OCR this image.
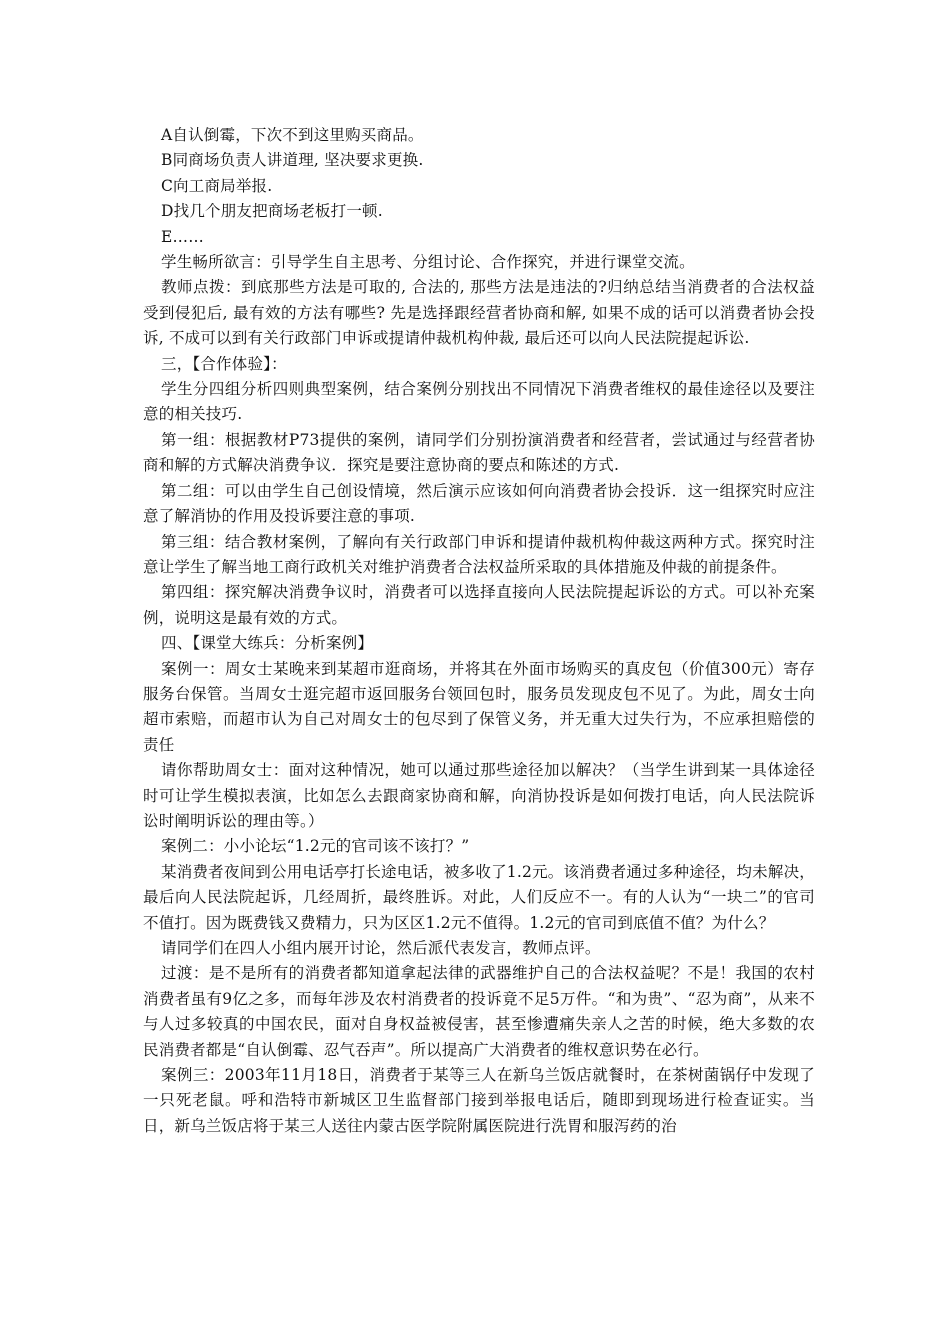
A自认倒霉，下次不到这里购买商品。

B同商场负责人讲道理, 坚决要求更换.

C向工商局举报.

D找几个朋友把商场老板打一顿.

E……

学生畅所欲言：引导学生自主思考、分组讨论、合作探究，并进行课堂交流。

教师点拨：到底那些方法是可取的, 合法的, 那些方法是违法的?归纳总结当消费者的合法权益受到侵犯后, 最有效的方法有哪些? 先是选择跟经营者协商和解, 如果不成的话可以消费者协会投诉, 不成可以到有关行政部门申诉或提请仲裁机构仲裁, 最后还可以向人民法院提起诉讼.

三，【合作体验】：

学生分四组分析四则典型案例，结合案例分别找出不同情况下消费者维权的最佳途径以及要注意的相关技巧.

第一组：根据教材P73提供的案例，请同学们分别扮演消费者和经营者，尝试通过与经营者协商和解的方式解决消费争议．探究是要注意协商的要点和陈述的方式.

第二组：可以由学生自己创设情境，然后演示应该如何向消费者协会投诉．这一组探究时应注意了解消协的作用及投诉要注意的事项.

第三组：结合教材案例，了解向有关行政部门申诉和提请仲裁机构仲裁这两种方式。探究时注意让学生了解当地工商行政机关对维护消费者合法权益所采取的具体措施及仲裁的前提条件。

第四组：探究解决消费争议时，消费者可以选择直接向人民法院提起诉讼的方式。可以补充案例，说明这是最有效的方式。

四、【课堂大练兵：分析案例】

案例一：周女士某晚来到某超市逛商场，并将其在外面市场购买的真皮包（价值300元）寄存服务台保管。当周女士逛完超市返回服务台领回包时，服务员发现皮包不见了。为此，周女士向超市索赔，而超市认为自己对周女士的包尽到了保管义务，并无重大过失行为，不应承担赔偿的责任

请你帮助周女士：面对这种情况，她可以通过那些途径加以解决？（当学生讲到某一具体途径时可让学生模拟表演，比如怎么去跟商家协商和解，向消协投诉是如何拨打电话，向人民法院诉讼时阐明诉讼的理由等。）

案例二：小小论坛“1.2元的官司该不该打？”

某消费者夜间到公用电话亭打长途电话，被多收了1.2元。该消费者通过多种途径，均未解决，最后向人民法院起诉，几经周折，最终胜诉。对此，人们反应不一。有的人认为“一块二”的官司不值打。因为既费钱又费精力，只为区区1.2元不值得。1.2元的官司到底值不值？为什么？

请同学们在四人小组内展开讨论，然后派代表发言，教师点评。

过渡：是不是所有的消费者都知道拿起法律的武器维护自己的合法权益呢？不是！我国的农村消费者虽有9亿之多，而每年涉及农村消费者的投诉竟不足5万件。“和为贵”、“忍为商”，从来不与人过多较真的中国农民，面对自身权益被侵害，甚至惨遭痛失亲人之苦的时候，绝大多数的农民消费者都是“自认倒霉、忍气吞声”。所以提高广大消费者的维权意识势在必行。

案例三：2003年11月18日，消费者于某等三人在新乌兰饭店就餐时，在茶树菌锅仔中发现了一只死老鼠。呼和浩特市新城区卫生监督部门接到举报电话后，随即到现场进行检查证实。当日，新乌兰饭店将于某三人送往内蒙古医学院附属医院进行洗胃和服泻药的治
